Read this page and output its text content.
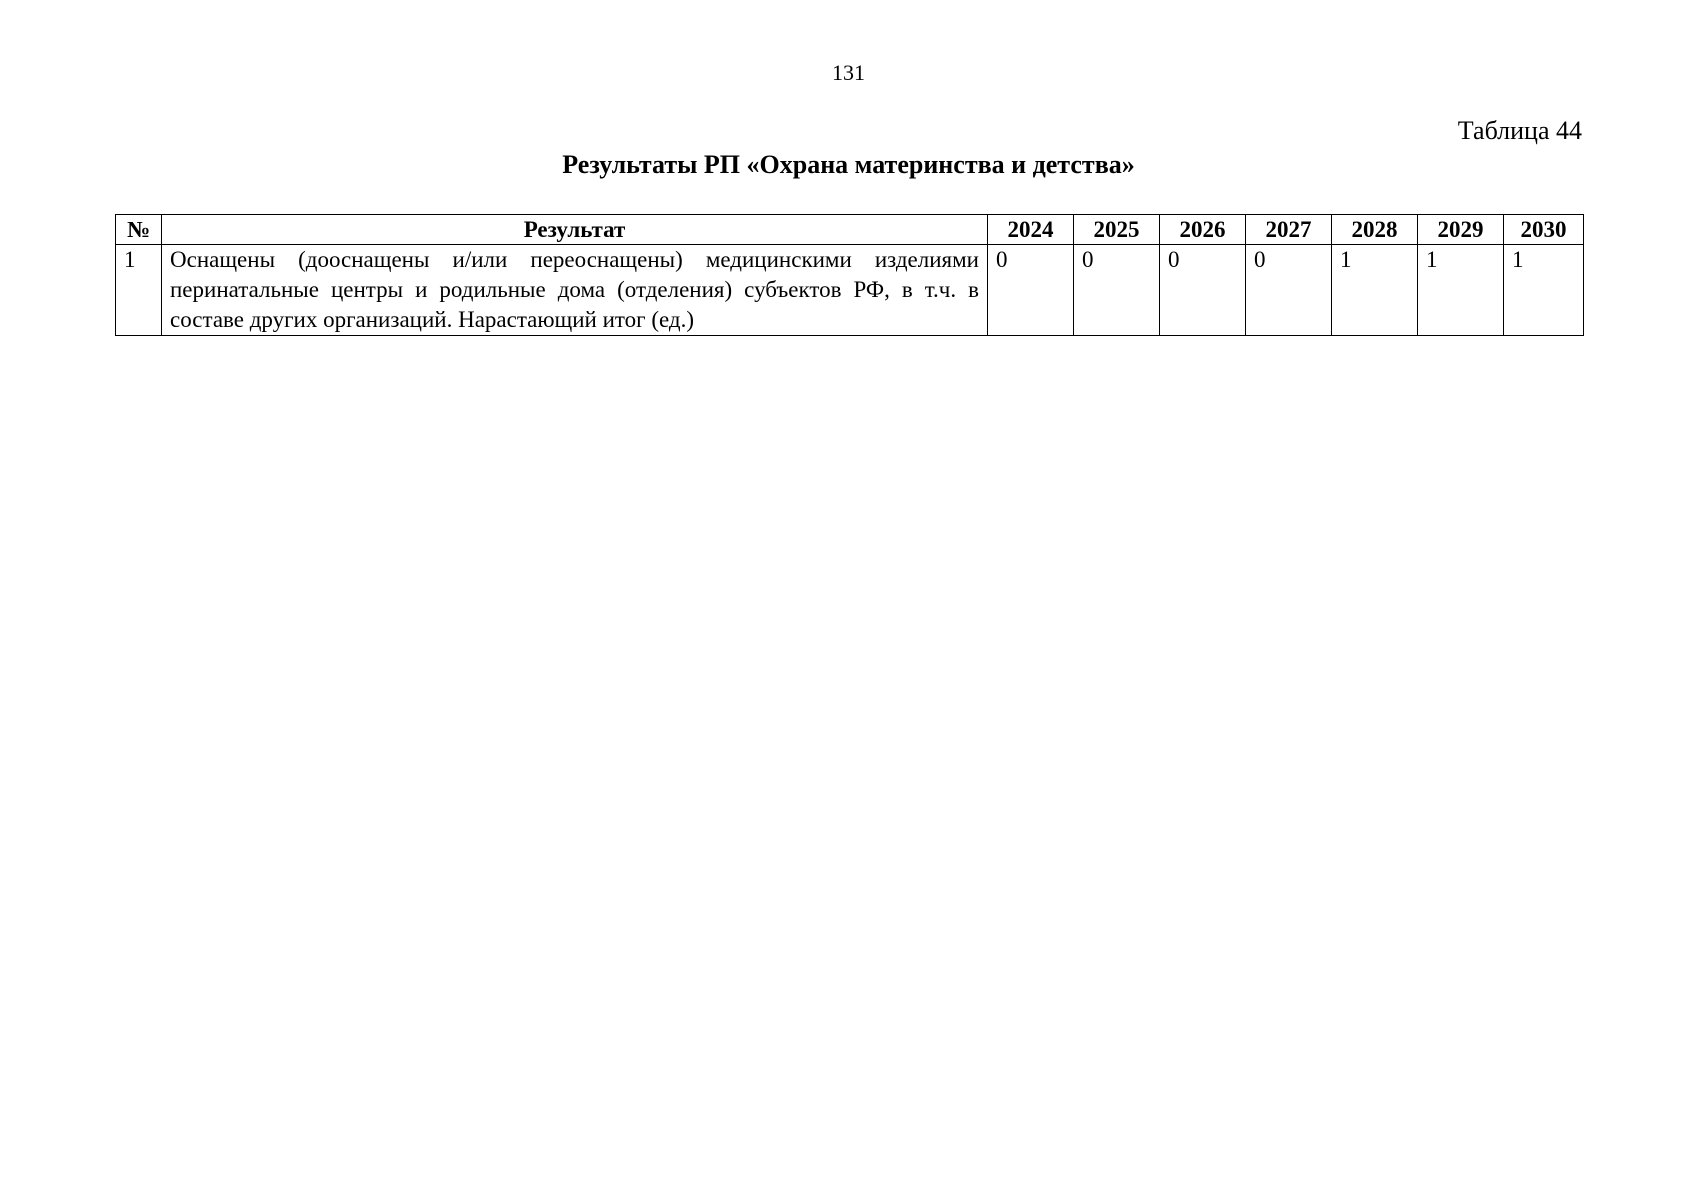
131
Таблица 44
Результаты РП «Охрана материнства и детства»
№	Результат	2024	2025	2026	2027	2028	2029	2030
1	Оснащены (дооснащены и/или переоснащены) медицинскими изделиями перинатальные центры и родильные дома (отделения) субъектов РФ, в т.ч. в составе других организаций. Нарастающий итог (ед.)	0	0	0	0	1	1	1
